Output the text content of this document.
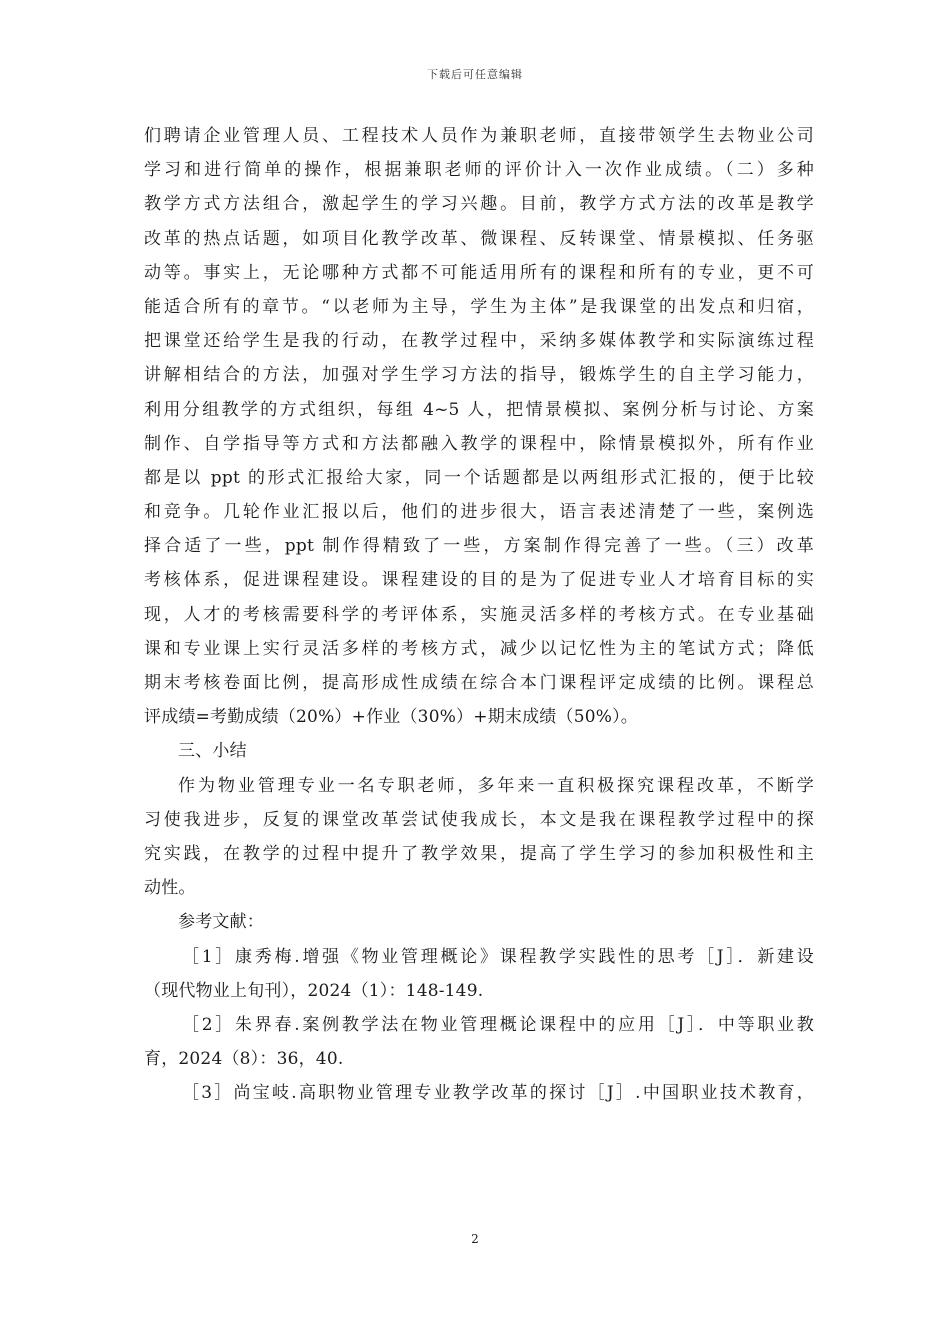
下载后可任意编辑
们聘请企业管理人员、工程技术人员作为兼职老师，直接带领学生去物业公司
学习和进行简单的操作，根据兼职老师的评价计入一次作业成绩。（二）多种
教学方式方法组合，激起学生的学习兴趣。目前，教学方式方法的改革是教学
改革的热点话题，如项目化教学改革、微课程、反转课堂、情景模拟、任务驱
动等。事实上，无论哪种方式都不可能适用所有的课程和所有的专业，更不可
能适合所有的章节。“以老师为主导，学生为主体”是我课堂的出发点和归宿，
把课堂还给学生是我的行动，在教学过程中，采纳多媒体教学和实际演练过程
讲解相结合的方法，加强对学生学习方法的指导，锻炼学生的自主学习能力，
利用分组教学的方式组织，每组 4~5 人，把情景模拟、案例分析与讨论、方案
制作、自学指导等方式和方法都融入教学的课程中，除情景模拟外，所有作业
都是以 ppt 的形式汇报给大家，同一个话题都是以两组形式汇报的，便于比较
和竞争。几轮作业汇报以后，他们的进步很大，语言表述清楚了一些，案例选
择合适了一些，ppt 制作得精致了一些，方案制作得完善了一些。（三）改革
考核体系，促进课程建设。课程建设的目的是为了促进专业人才培育目标的实
现，人才的考核需要科学的考评体系，实施灵活多样的考核方式。在专业基础
课和专业课上实行灵活多样的考核方式，减少以记忆性为主的笔试方式；降低
期末考核卷面比例，提高形成性成绩在综合本门课程评定成绩的比例。课程总
评成绩=考勤成绩（20%）+作业（30%）+期末成绩（50%）。
三、小结
作为物业管理专业一名专职老师，多年来一直积极探究课程改革，不断学
习使我进步，反复的课堂改革尝试使我成长，本文是我在课程教学过程中的探
究实践，在教学的过程中提升了教学效果，提高了学生学习的参加积极性和主
动性。
参考文献：
［1］康秀梅.增强《物业管理概论》课程教学实践性的思考［J］．新建设
（现代物业上旬刊），2024（1）：148-149.
［2］朱界春.案例教学法在物业管理概论课程中的应用［J］．中等职业教
育，2024（8）：36，40.
［3］尚宝岐.高职物业管理专业教学改革的探讨［J］.中国职业技术教育，
2
